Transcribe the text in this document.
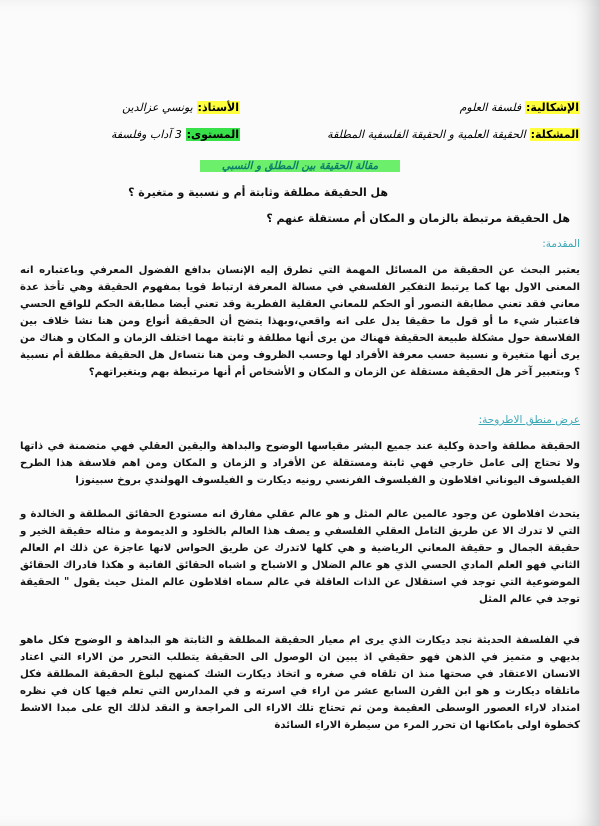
الإشكالية: فلسفة العلوم
الأستاذ: يونسي عزالدين
المشكلة: الحقيقة العلمية و الحقيقة الفلسفية المطلقة
المستوى: 3 آداب وفلسفة
مقالة الحقيقة بين المطلق و النسبي
هل الحقيقة مطلقة وثابتة أم و نسبية و متغيرة ؟
هل الحقيقة مرتبطة بالزمان و المكان أم مستقلة عنهم ؟
المقدمة:
يعتبر البحث عن الحقيقة من المسائل المهمة التي تطرق إليه الإنسان بدافع الفضول المعرفي وباعتباره انه المعنى الاول بها كما يرتبط التفكير الفلسفي في مسالة المعرفة ارتباط قويا بمفهوم الحقيقة وهي تأخذ عدة معاني فقد تعني مطابقة التصور أو الحكم للمعاني العقلية الفطرية وقد تعني أيضا مطابقة الحكم للواقع الحسي فاعتبار شيء ما أو قول ما حقيقا يدل على انه واقعي،وبهذا يتضح أن الحقيقة أنواع ومن هنا نشا خلاف بين الفلاسفة حول مشكلة طبيعة الحقيقة فهناك من يرى أنها مطلقة و ثابتة مهما اختلف الزمان و المكان و هناك من يرى أنها متغيرة و نسبية حسب معرفة الأفراد لها وحسب الظروف ومن هنا نتساءل هل الحقيقة مطلقة أم نسبية ؟ وبتعبير آخر هل الحقيقة مستقلة عن الزمان و المكان و الأشخاص أم أنها مرتبطة بهم وبتغيراتهم؟
عرض منطق الاطروحة:
الحقيقة مطلقة واحدة وكلية عند جميع البشر مقياسها الوضوح والبداهة واليقين العقلي فهي متضمنة في ذاتها ولا تحتاج إلى عامل خارجي فهي ثابتة ومستقلة عن الأفراد و الزمان و المكان ومن اهم فلاسفة هذا الطرح الفيلسوف اليوناني افلاطون و الفيلسوف الفرنسي رونيه ديكارت و الفيلسوف الهولندي بروخ سبينوزا
يتحدث افلاطون عن وجود عالمين عالم المثل و هو عالم عقلي مفارق انه مستودع الحقائق المطلقة و الخالدة و التي لا تدرك الا عن طريق التامل العقلي الفلسفي و يصف هذا العالم بالخلود و الديمومة و مثاله حقيقة الخير و حقيقة الجمال و حقيقة المعاني الرياضية و هي كلها لاتدرك عن طريق الحواس لانها عاجزة عن ذلك ام العالم الثاني فهو العلم المادي الحسي الذي هو عالم الضلال و الاشباح و اشباه الحقائق الفانية و هكذا فادراك الحقائق الموضوعية التي توجد في استقلال عن الذات العاقلة في عالم سماه افلاطون عالم المثل حيث يقول " الحقيقة توجد في عالم المثل
في الفلسفة الحديثة نجد ديكارت الذي يرى ام معيار الحقيقة المطلقة و الثابتة هو البداهة و الوضوح فكل ماهو بديهي و متميز في الذهن فهو حقيقي اذ يبين ان الوصول الى الحقيقة يتطلب التحرر من الاراء التي اعتاد الانسان الاعتقاد في صحتها منذ ان تلقاه في صغره و اتخاذ ديكارت الشك كمنهج لبلوغ الحقيقة المطلقة فكل ماتلقاه ديكارت و هو ابن القرن السابع عشر من اراء في اسرته و في المدارس التي تعلم فيها كان في نظره امتداد لاراء العصور الوسطى العقيمة ومن ثم تحتاج تلك الاراء الى المراجعة و النقد لذلك الح على مبدا الاشط كخطوة اولى بامكانها ان تحرر المرء من سيطرة الاراء السائدة
